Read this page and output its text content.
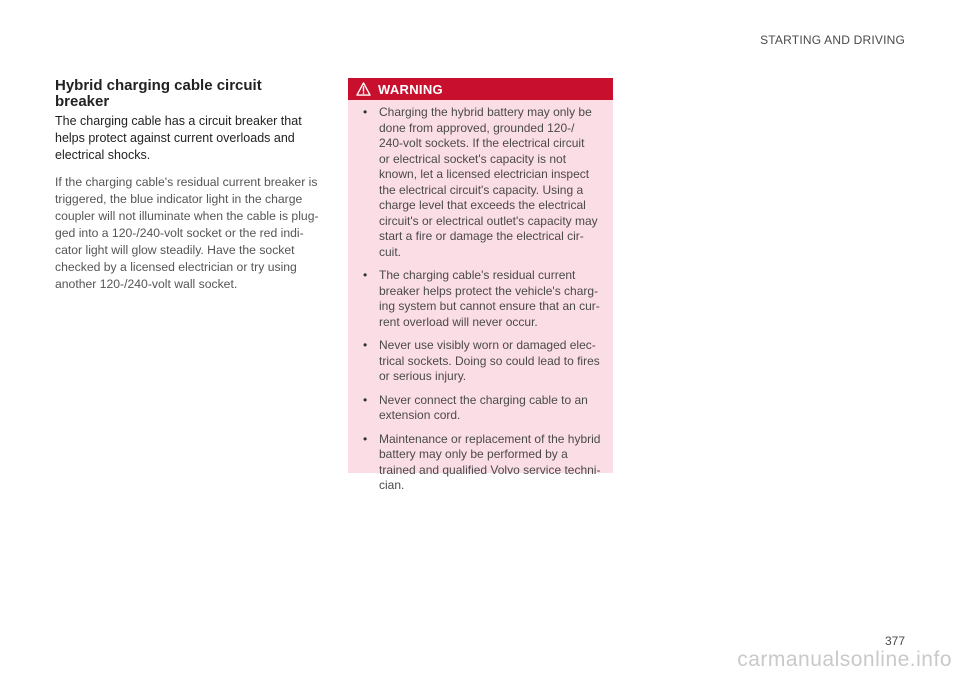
STARTING AND DRIVING
Hybrid charging cable circuit
breaker

The charging cable has a circuit breaker that
helps protect against current overloads and
electrical shocks.

If the charging cable's residual current breaker is
triggered, the blue indicator light in the charge
coupler will not illuminate when the cable is plug-
ged into a 120-/240-volt socket or the red indi-
cator light will glow steadily. Have the socket
checked by a licensed electrician or try using
another 120-/240-volt wall socket.

WARNING
• Charging the hybrid battery may only be
done from approved, grounded 120-/
240-volt sockets. If the electrical circuit
or electrical socket's capacity is not
known, let a licensed electrician inspect
the electrical circuit's capacity. Using a
charge level that exceeds the electrical
circuit's or electrical outlet's capacity may
start a fire or damage the electrical cir-
cuit.
• The charging cable's residual current
breaker helps protect the vehicle's charg-
ing system but cannot ensure that an cur-
rent overload will never occur.
• Never use visibly worn or damaged elec-
trical sockets. Doing so could lead to fires
or serious injury.
• Never connect the charging cable to an
extension cord.
• Maintenance or replacement of the hybrid
battery may only be performed by a
trained and qualified Volvo service techni-
cian.
377
carmanualsonline.info
